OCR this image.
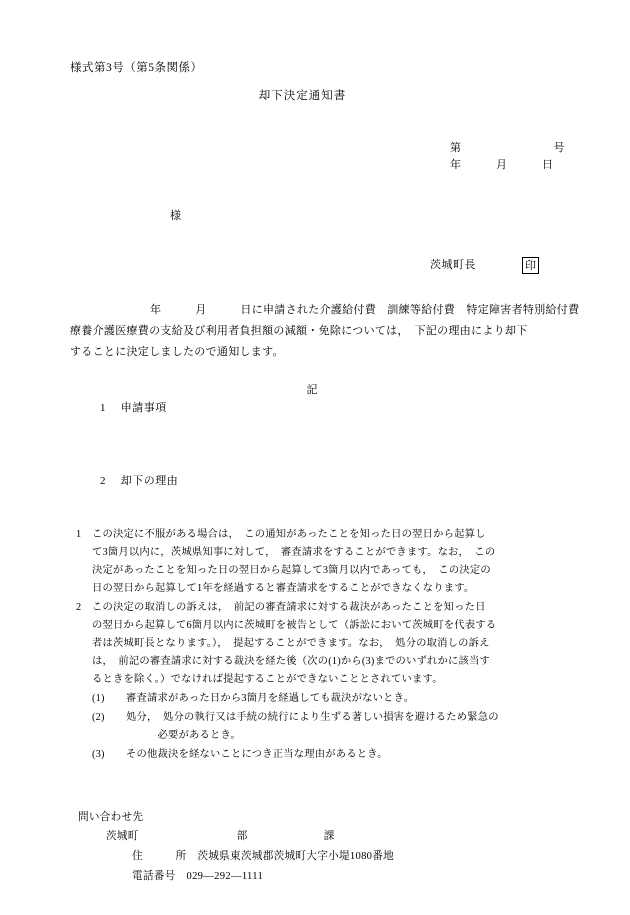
様式第3号（第5条関係）
却下決定通知書
第　　　　　　　　号
年　　　月　　　日
様
茨城町長	印
年　　　月　　　日に申請された介護給付費　訓練等給付費　特定障害者特別給付費
療養介護医療費の支給及び利用者負担額の減額・免除については，　下記の理由により却下
することに決定しましたので通知します。
記
1 　 申請事項
2 　 却下の理由
1	この決定に不服がある場合は，　この通知があったことを知った日の翌日から起算し

て3箇月以内に，茨城県知事に対して，　審査請求をすることができます。なお，　この

決定があったことを知った日の翌日から起算して3箇月以内であっても，　この決定の

日の翌日から起算して1年を経過すると審査請求をすることができなくなります。

2	この決定の取消しの訴えは，　前記の審査請求に対する裁決があったことを知った日

の翌日から起算して6箇月以内に茨城町を被告として（訴訟において茨城町を代表する

者は茨城町長となります。），　提起することができます。なお，　処分の取消しの訴え

は，　前記の審査請求に対する裁決を経た後（次の(1)から(3)までのいずれかに該当す

るときを除く。）でなければ提起することができないこととされています。

(1)	審査請求があった日から3箇月を経過しても裁決がないとき。

(2)	処分，　処分の執行又は手続の続行により生ずる著しい損害を避けるため緊急の

　　　必要があるとき。

(3)	その他裁決を経ないことにつき正当な理由があるとき。

問い合わせ先
茨城町　　　　　　　　　部　　　　　　　課
住　　　所　 茨城県東茨城郡茨城町大字小堤1080番地
電話番号　 029—292—1111
